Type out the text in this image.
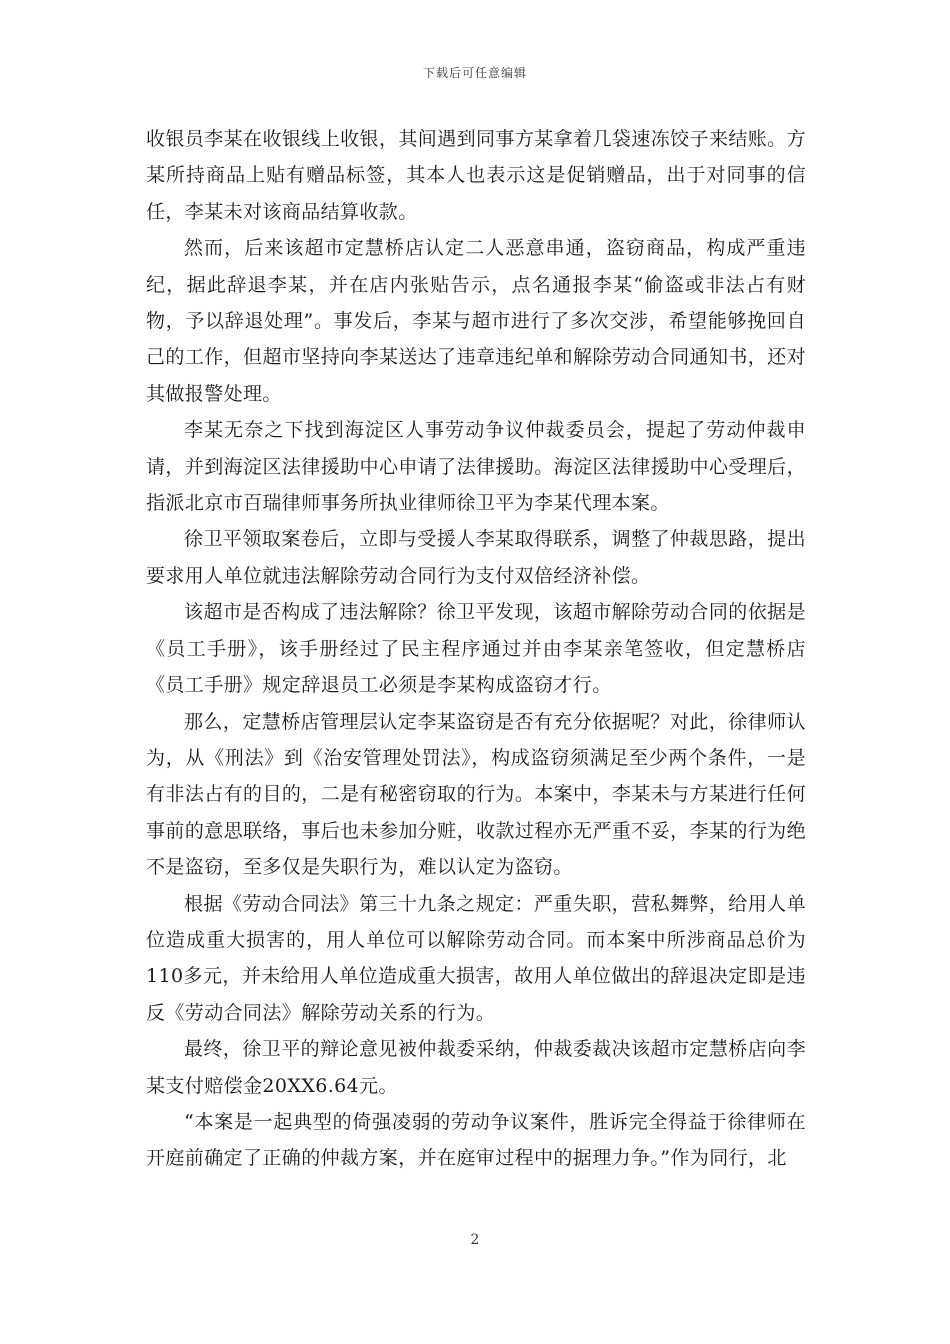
下载后可任意编辑

收银员李某在收银线上收银，其间遇到同事方某拿着几袋速冻饺子来结账。方某所持商品上贴有赠品标签，其本人也表示这是促销赠品，出于对同事的信任，李某未对该商品结算收款。

然而，后来该超市定慧桥店认定二人恶意串通，盗窃商品，构成严重违纪，据此辞退李某，并在店内张贴告示，点名通报李某“偷盗或非法占有财物，予以辞退处理”。事发后，李某与超市进行了多次交涉，希望能够挽回自己的工作，但超市坚持向李某送达了违章违纪单和解除劳动合同通知书，还对其做报警处理。

李某无奈之下找到海淀区人事劳动争议仲裁委员会，提起了劳动仲裁申请，并到海淀区法律援助中心申请了法律援助。海淀区法律援助中心受理后，指派北京市百瑞律师事务所执业律师徐卫平为李某代理本案。

徐卫平领取案卷后，立即与受援人李某取得联系，调整了仲裁思路，提出要求用人单位就违法解除劳动合同行为支付双倍经济补偿。

该超市是否构成了违法解除？徐卫平发现，该超市解除劳动合同的依据是《员工手册》，该手册经过了民主程序通过并由李某亲笔签收，但定慧桥店《员工手册》规定辞退员工必须是李某构成盗窃才行。

那么，定慧桥店管理层认定李某盗窃是否有充分依据呢？对此，徐律师认为，从《刑法》到《治安管理处罚法》，构成盗窃须满足至少两个条件，一是有非法占有的目的，二是有秘密窃取的行为。本案中，李某未与方某进行任何事前的意思联络，事后也未参加分赃，收款过程亦无严重不妥，李某的行为绝不是盗窃，至多仅是失职行为，难以认定为盗窃。

根据《劳动合同法》第三十九条之规定：严重失职，营私舞弊，给用人单位造成重大损害的，用人单位可以解除劳动合同。而本案中所涉商品总价为110多元，并未给用人单位造成重大损害，故用人单位做出的辞退决定即是违反《劳动合同法》解除劳动关系的行为。

最终，徐卫平的辩论意见被仲裁委采纳，仲裁委裁决该超市定慧桥店向李某支付赔偿金20XX6.64元。

“本案是一起典型的倚强凌弱的劳动争议案件，胜诉完全得益于徐律师在开庭前确定了正确的仲裁方案，并在庭审过程中的据理力争。”作为同行，北

2
